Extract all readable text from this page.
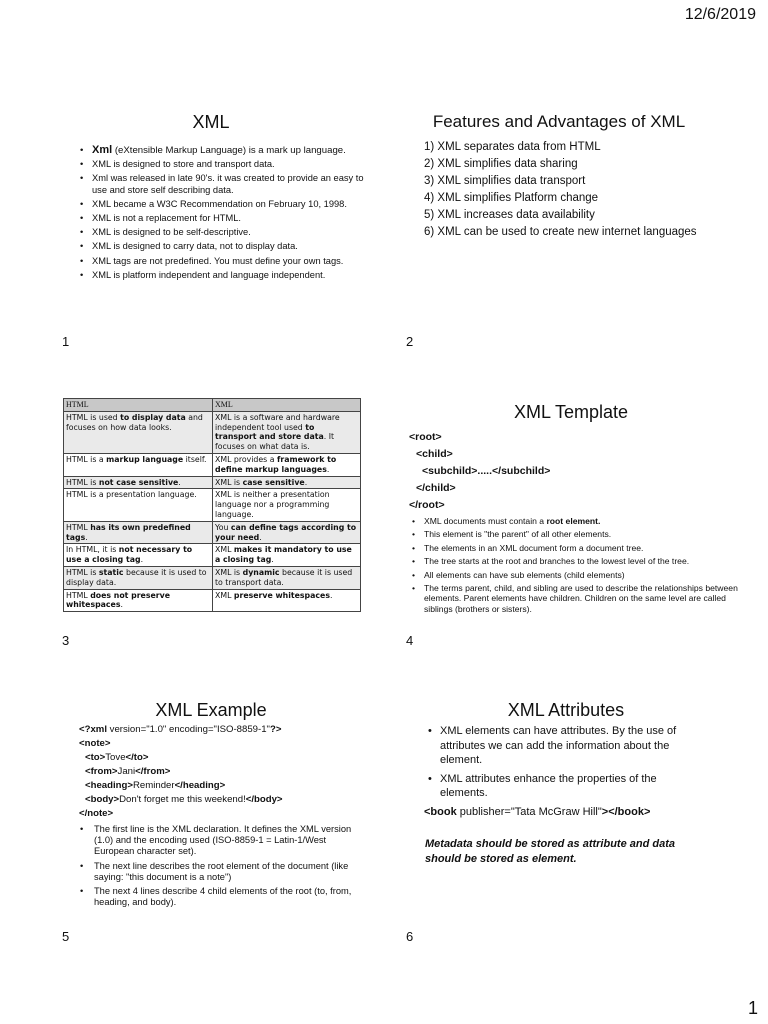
12/6/2019
XML
• Xml (eXtensible Markup Language) is a mark up language.
• XML is designed to store and transport data.
• Xml was released in late 90's. it was created to provide an easy to use and store self describing data.
• XML became a W3C Recommendation on February 10, 1998.
• XML is not a replacement for HTML.
• XML is designed to be self-descriptive.
• XML is designed to carry data, not to display data.
• XML tags are not predefined. You must define your own tags.
• XML is platform independent and language independent.
1
Features and Advantages of XML
1) XML separates data from HTML
2) XML simplifies data sharing
3) XML simplifies data transport
4) XML simplifies Platform change
5) XML increases data availability
6) XML can be used to create new internet languages
2
HTML	XML
HTML is used to display data and focuses on how data looks.	XML is a software and hardware independent tool used to transport and store data. It focuses on what data is.
HTML is a markup language itself.	XML provides a framework to define markup languages.
HTML is not case sensitive.	XML is case sensitive.
HTML is a presentation language.	XML is neither a presentation language nor a programming language.
HTML has its own predefined tags.	You can define tags according to your need.
In HTML, it is not necessary to use a closing tag.	XML makes it mandatory to use a closing tag.
HTML is static because it is used to display data.	XML is dynamic because it is used to transport data.
HTML does not preserve whitespaces.	XML preserve whitespaces.
3
XML Template
<root>
<child>
<subchild>.....</subchild>
</child>
</root>
• XML documents must contain a root element.
• This element is "the parent" of all other elements.
• The elements in an XML document form a document tree.
• The tree starts at the root and branches to the lowest level of the tree.
• All elements can have sub elements (child elements)
• The terms parent, child, and sibling are used to describe the relationships between elements. Parent elements have children. Children on the same level are called siblings (brothers or sisters).
4
XML Example
<?xml version="1.0" encoding="ISO-8859-1"?>
<note>
<to>Tove</to>
<from>Jani</from>
<heading>Reminder</heading>
<body>Don't forget me this weekend!</body>
</note>
• The first line is the XML declaration. It defines the XML version (1.0) and the encoding used (ISO-8859-1 = Latin-1/West European character set).
• The next line describes the root element of the document (like saying: "this document is a note")
• The next 4 lines describe 4 child elements of the root (to, from, heading, and body).
5
XML Attributes
• XML elements can have attributes. By the use of attributes we can add the information about the element.
• XML attributes enhance the properties of the elements.
<book publisher="Tata McGraw Hill"></book>
Metadata should be stored as attribute and data should be stored as element.
6
1
